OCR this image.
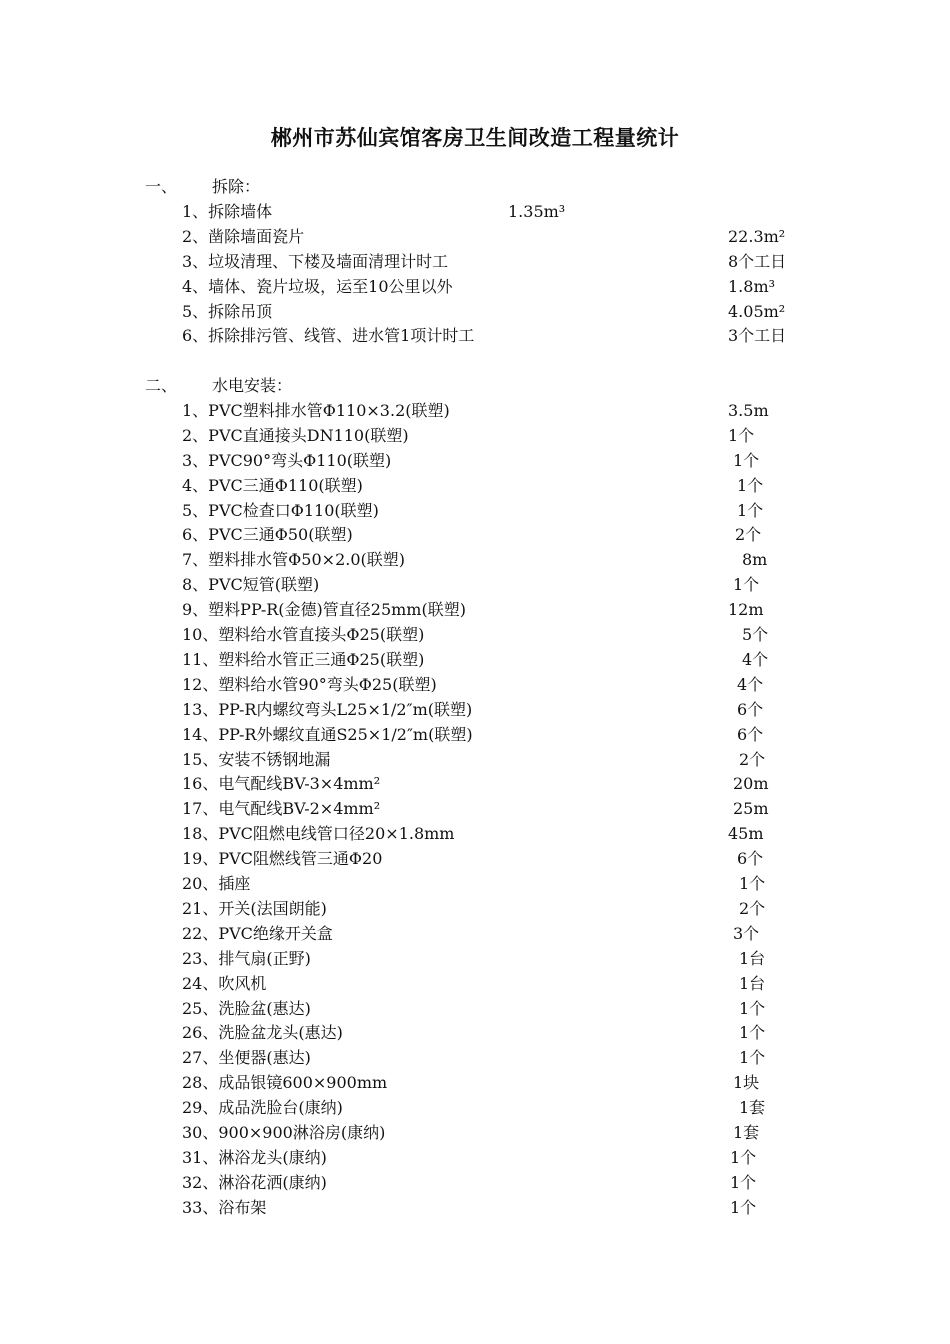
郴州市苏仙宾馆客房卫生间改造工程量统计
一、 拆除：
1、拆除墙体	1.35m³
2、凿除墙面瓷片	22.3m²
3、垃圾清理、下楼及墙面清理计时工	8个工日
4、墙体、瓷片垃圾，运至10公里以外	1.8m³
5、拆除吊顶	4.05m²
6、拆除排污管、线管、进水管1项计时工	3个工日
二、 水电安装：
1、PVC塑料排水管Φ110×3.2(联塑)	3.5m
2、PVC直通接头DN110(联塑)	1个
3、PVC90°弯头Φ110(联塑)	1个
4、PVC三通Φ110(联塑)	1个
5、PVC检查口Φ110(联塑)	1个
6、PVC三通Φ50(联塑)	2个
7、塑料排水管Φ50×2.0(联塑)	8m
8、PVC短管(联塑)	1个
9、塑料PP-R(金德)管直径25mm(联塑)	12m
10、塑料给水管直接头Φ25(联塑)	5个
11、塑料给水管正三通Φ25(联塑)	4个
12、塑料给水管90°弯头Φ25(联塑)	4个
13、PP-R内螺纹弯头L25×1/2″m(联塑)	6个
14、PP-R外螺纹直通S25×1/2″m(联塑)	6个
15、安装不锈钢地漏	2个
16、电气配线BV-3×4mm²	20m
17、电气配线BV-2×4mm²	25m
18、PVC阻燃电线管口径20×1.8mm	45m
19、PVC阻燃线管三通Φ20	6个
20、插座	1个
21、开关(法国朗能)	2个
22、PVC绝缘开关盒	3个
23、排气扇(正野)	1台
24、吹风机	1台
25、洗脸盆(惠达)	1个
26、洗脸盆龙头(惠达)	1个
27、坐便器(惠达)	1个
28、成品银镜600×900mm	1块
29、成品洗脸台(康纳)	1套
30、900×900淋浴房(康纳)	1套
31、淋浴龙头(康纳)	1个
32、淋浴花洒(康纳)	1个
33、浴布架	1个
